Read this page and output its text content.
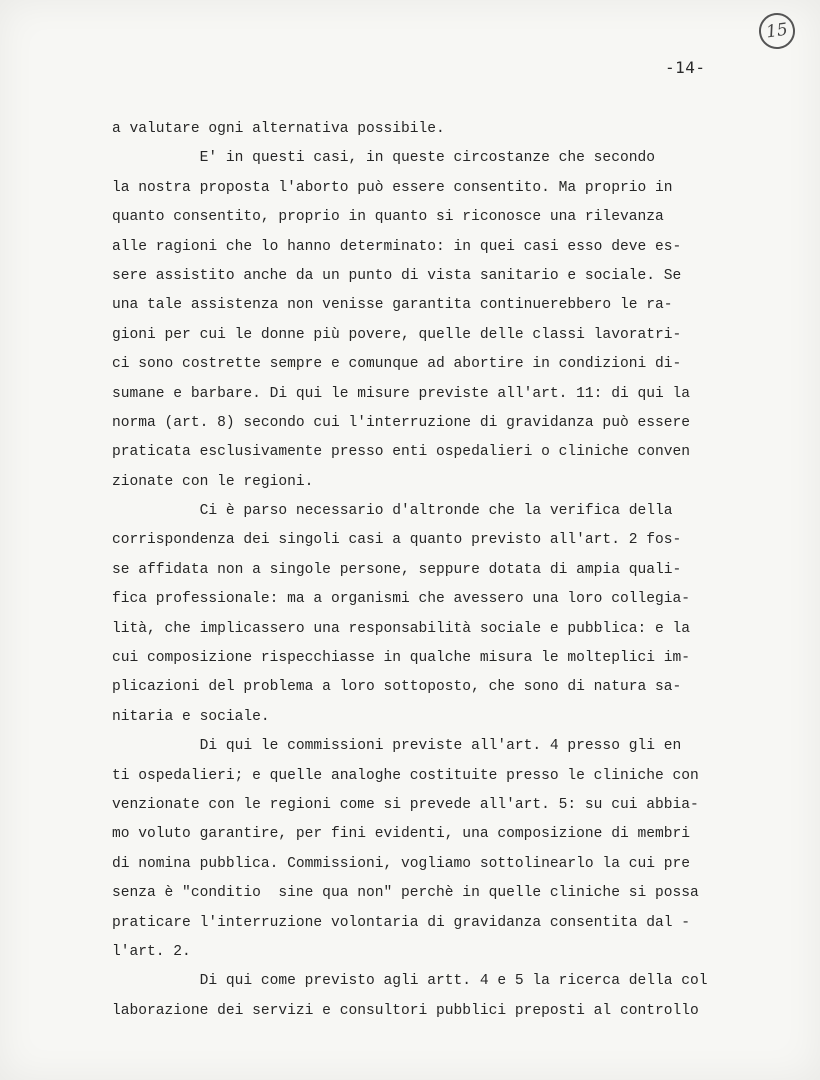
15
-14-
a valutare ogni alternativa possibile.
E' in questi casi, in queste circostanze che secondo
la nostra proposta l'aborto può essere consentito. Ma proprio in
quanto consentito, proprio in quanto si riconosce una rilevanza
alle ragioni che lo hanno determinato: in quei casi esso deve es-
sere assistito anche da un punto di vista sanitario e sociale. Se
una tale assistenza non venisse garantita continuerebbero le ra-
gioni per cui le donne più povere, quelle delle classi lavoratri-
ci sono costrette sempre e comunque ad abortire in condizioni di-
sumane e barbare. Di qui le misure previste all'art. 11: di qui la
norma (art. 8) secondo cui l'interruzione di gravidanza può essere
praticata esclusivamente presso enti ospedalieri o cliniche conven
zionate con le regioni.
Ci è parso necessario d'altronde che la verifica della
corrispondenza dei singoli casi a quanto previsto all'art. 2 fos-
se affidata non a singole persone, seppure dotata di ampia quali-
fica professionale: ma a organismi che avessero una loro collegia-
lità, che implicassero una responsabilità sociale e pubblica: e la
cui composizione rispecchiasse in qualche misura le molteplici im-
plicazioni del problema a loro sottoposto, che sono di natura sa-
nitaria e sociale.
Di qui le commissioni previste all'art. 4 presso gli en
ti ospedalieri; e quelle analoghe costituite presso le cliniche con
venzionate con le regioni come si prevede all'art. 5: su cui abbia-
mo voluto garantire, per fini evidenti, una composizione di membri
di nomina pubblica. Commissioni, vogliamo sottolinearlo la cui pre
senza è "conditio  sine qua non" perchè in quelle cliniche si possa
praticare l'interruzione volontaria di gravidanza consentita dal -
l'art. 2.
Di qui come previsto agli artt. 4 e 5 la ricerca della col
laborazione dei servizi e consultori pubblici preposti al controllo
